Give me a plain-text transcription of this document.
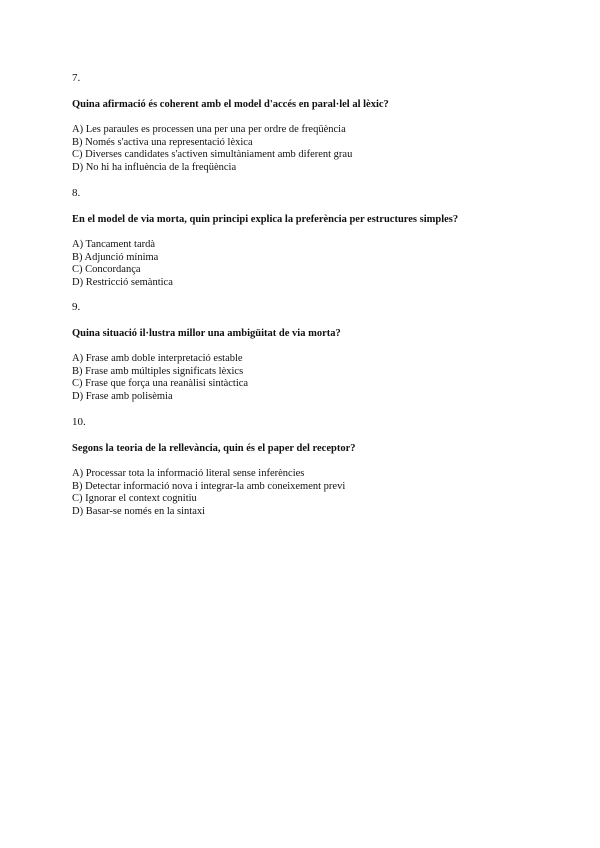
7.
Quina afirmació és coherent amb el model d'accés en paral·lel al lèxic?
A) Les paraules es processen una per una per ordre de freqüència
B) Només s'activa una representació lèxica
C) Diverses candidates s'activen simultàniament amb diferent grau
D) No hi ha influència de la freqüència
8.
En el model de via morta, quin principi explica la preferència per estructures simples?
A) Tancament tardà
B) Adjunció mínima
C) Concordança
D) Restricció semàntica
9.
Quina situació il·lustra millor una ambigüitat de via morta?
A) Frase amb doble interpretació estable
B) Frase amb múltiples significats lèxics
C) Frase que força una reanàlisi sintàctica
D) Frase amb polisèmia
10.
Segons la teoria de la rellevància, quin és el paper del receptor?
A) Processar tota la informació literal sense inferències
B) Detectar informació nova i integrar-la amb coneixement previ
C) Ignorar el context cognitiu
D) Basar-se només en la sintaxi
